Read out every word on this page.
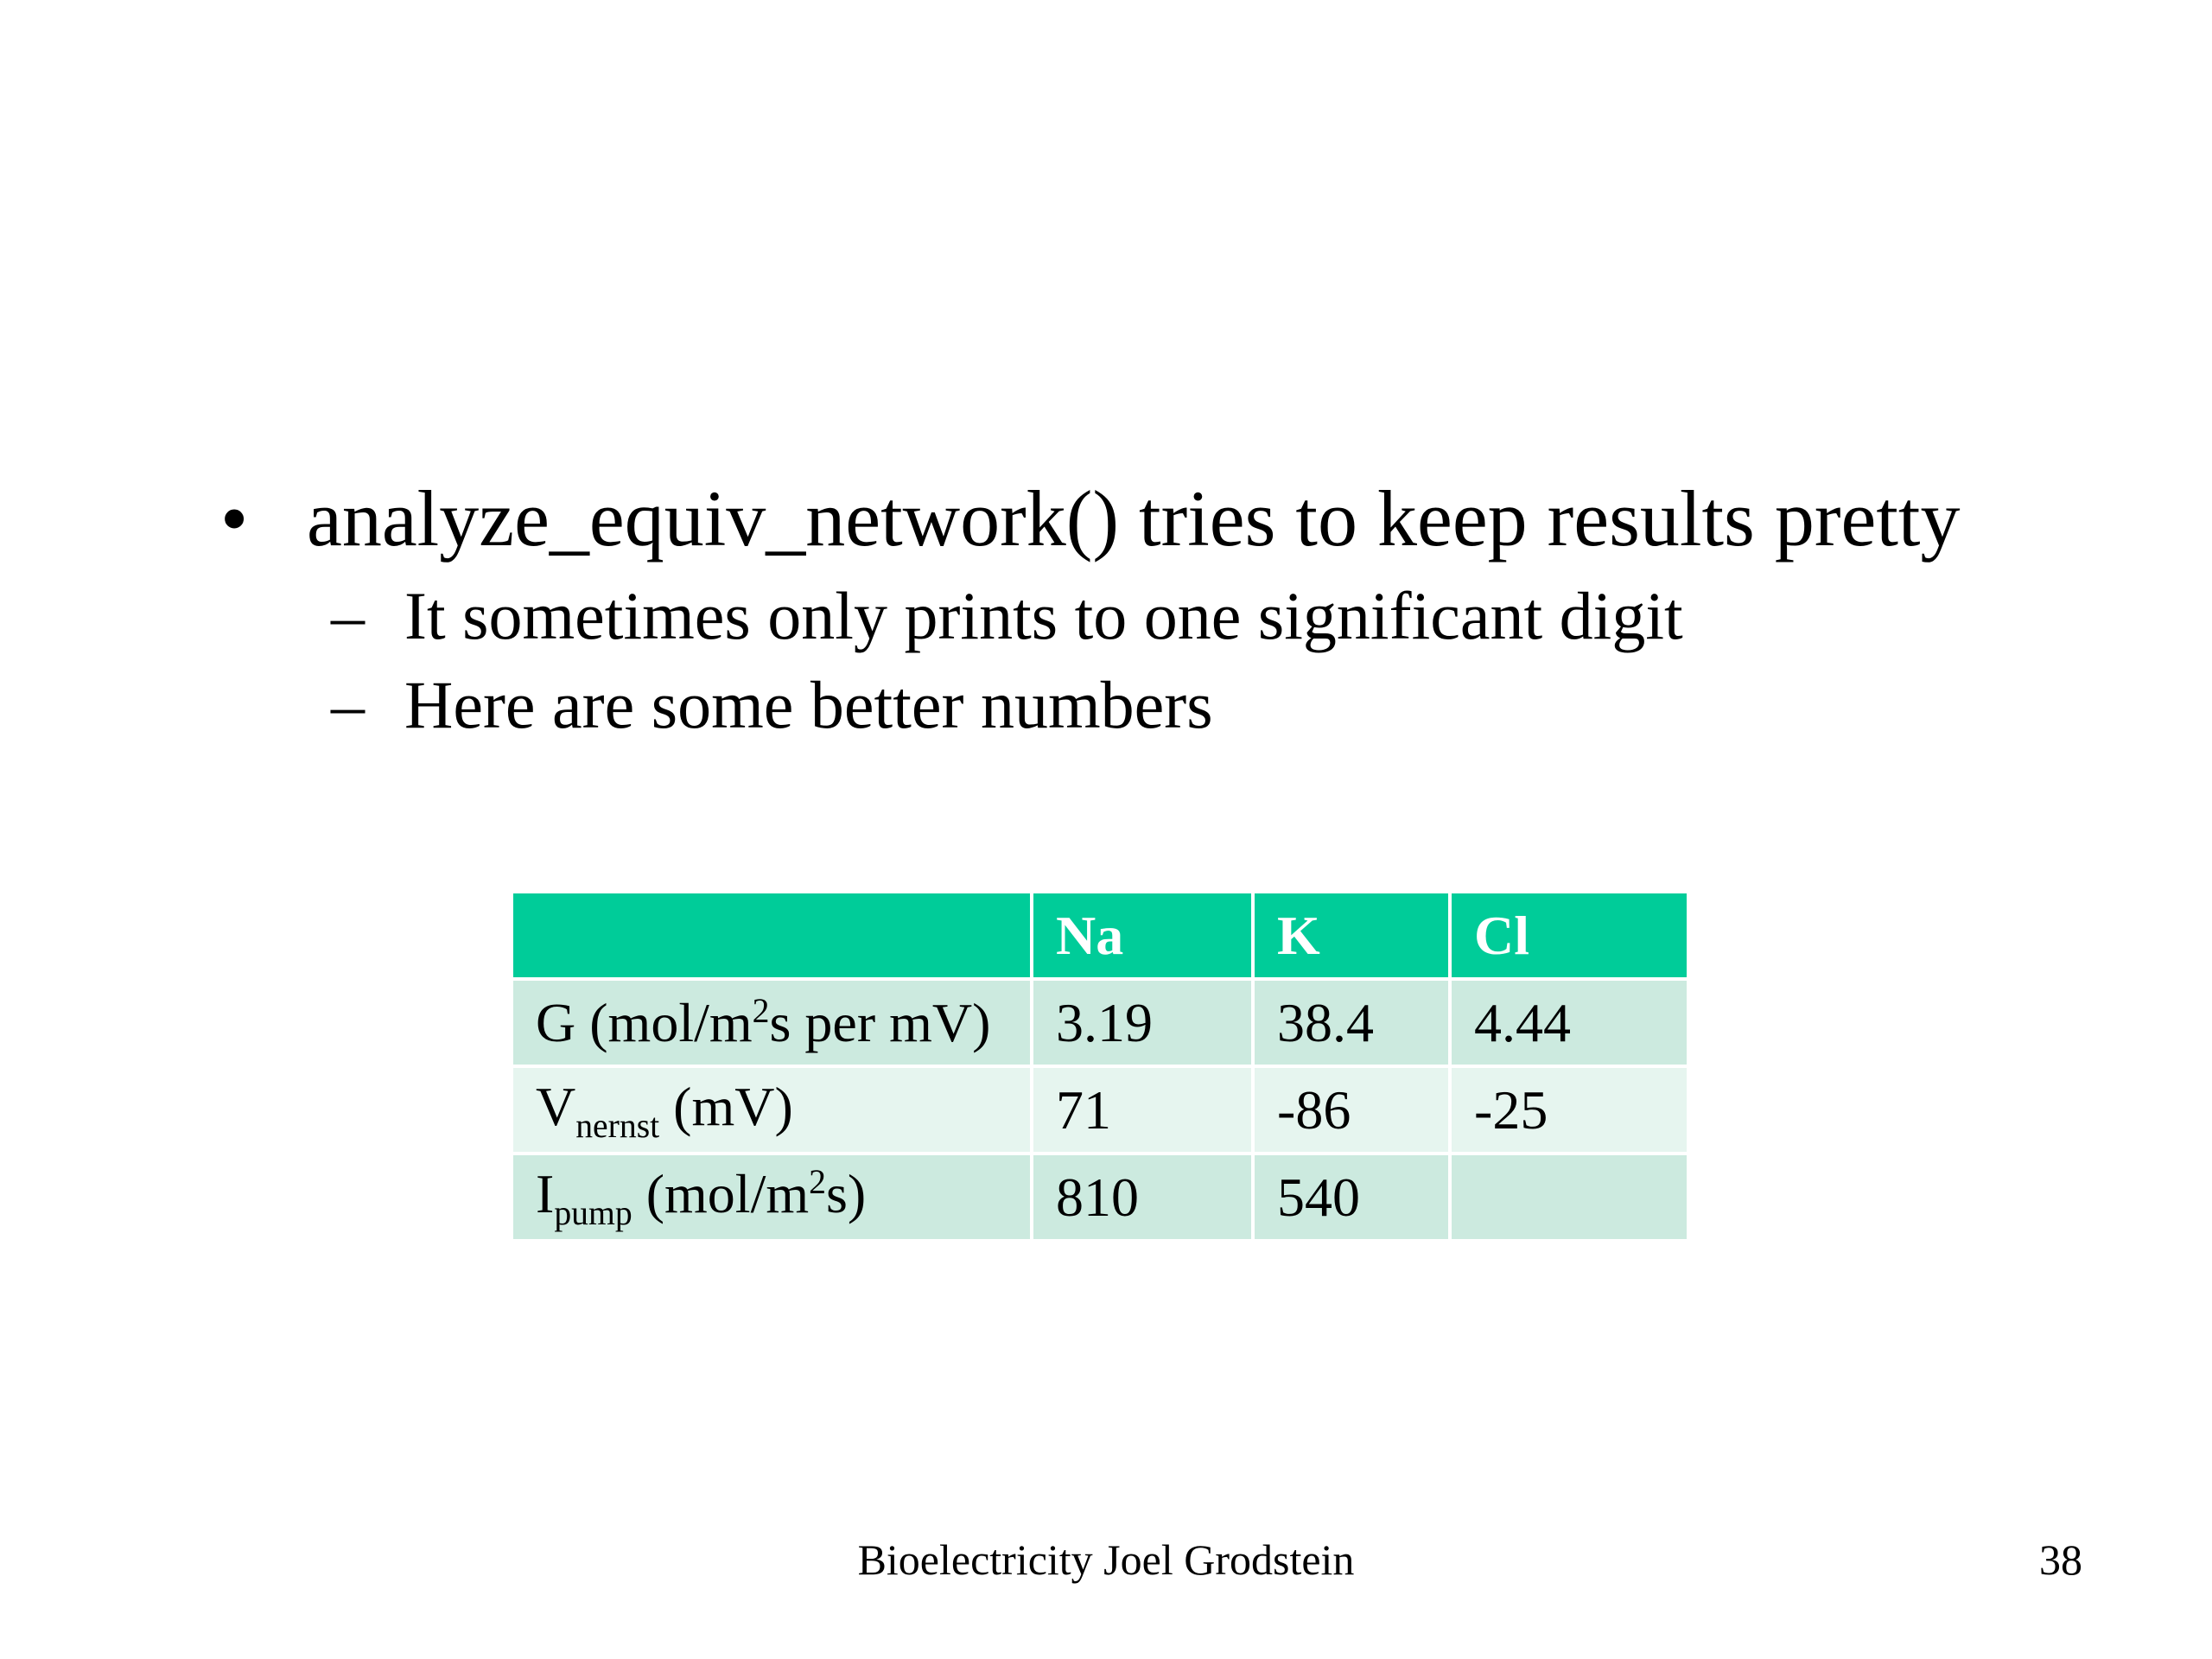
• analyze_equiv_network() tries to keep results pretty
– It sometimes only prints to one significant digit
– Here are some better numbers
	Na	K	Cl
G ($mol/m^2s$ per mV)	3.19	38.4	4.44
$V_{nernst}$ (mV)	71	-86	-25
$I_{pump}$ $(mol/m^2s)$	810	540	
Bioelectricity Joel Grodstein	38
